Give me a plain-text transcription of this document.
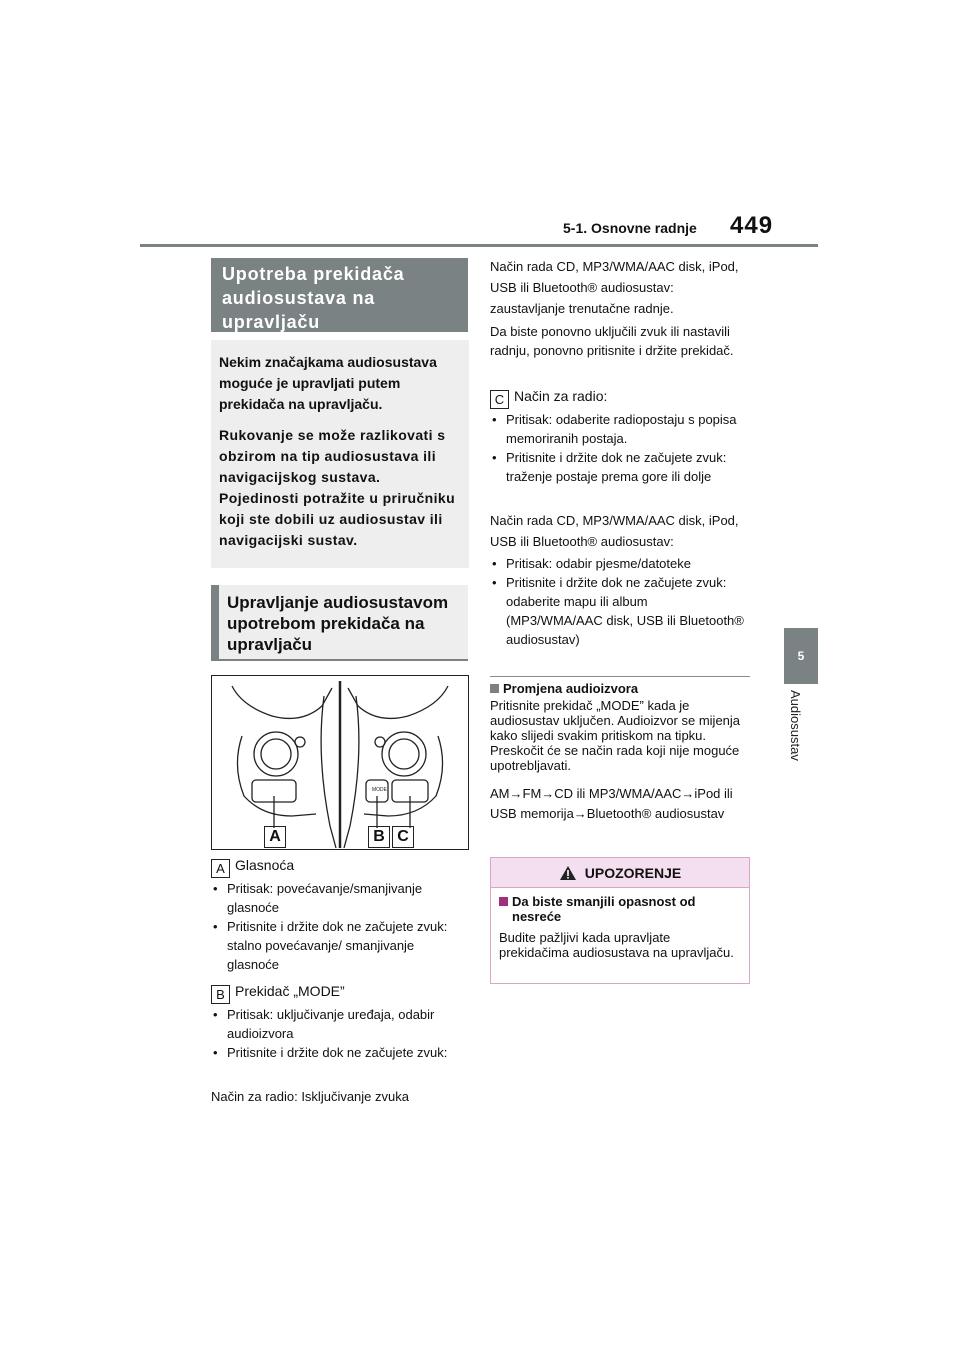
5-1. Osnovne radnje 449
5
Audiosustav
Upotreba prekidača audiosustava na upravljaču

Nekim značajkama audiosustava moguće je upravljati putem prekidača na upravljaču.

Rukovanje se može razlikovati s obzirom na tip audiosustava ili navigacijskog sustava. Pojedinosti potražite u priručniku koji ste dobili uz audiosustav ili navigacijski sustav.

Upravljanje audiosustavom upotrebom prekidača na upravljaču
MODE
A	B C
A Glasnoća
• Pritisak: povećavanje/smanjivanje glasnoće
• Pritisnite i držite dok ne začujete zvuk: stalno povećavanje/ smanjivanje glasnoće
B Prekidač „MODE”
• Pritisak: uključivanje uređaja, odabir audioizvora
• Pritisnite i držite dok ne začujete zvuk:
Način za radio: Isključivanje zvuka
Način rada CD, MP3/WMA/AAC disk, iPod, USB ili Bluetooth® audiosustav: zaustavljanje trenutačne radnje.
Da biste ponovno uključili zvuk ili nastavili radnju, ponovno pritisnite i držite prekidač.
C Način za radio:
• Pritisak: odaberite radiopostaju s popisa memoriranih postaja.
• Pritisnite i držite dok ne začujete zvuk: traženje postaje prema gore ili dolje
Način rada CD, MP3/WMA/AAC disk, iPod, USB ili Bluetooth® audiosustav:
• Pritisak: odabir pjesme/datoteke
• Pritisnite i držite dok ne začujete zvuk: odaberite mapu ili album (MP3/WMA/AAC disk, USB ili Bluetooth® audiosustav)
Promjena audioizvora
Pritisnite prekidač „MODE” kada je audiosustav uključen. Audioizvor se mijenja kako slijedi svakim pritiskom na tipku. Preskočit će se način rada koji nije moguće upotrebljavati.
AM→FM→CD ili MP3/WMA/AAC→iPod ili USB memorija→Bluetooth® audiosustav
UPOZORENJE
Da biste smanjili opasnost od nesreće
Budite pažljivi kada upravljate prekidačima audiosustava na upravljaču.
